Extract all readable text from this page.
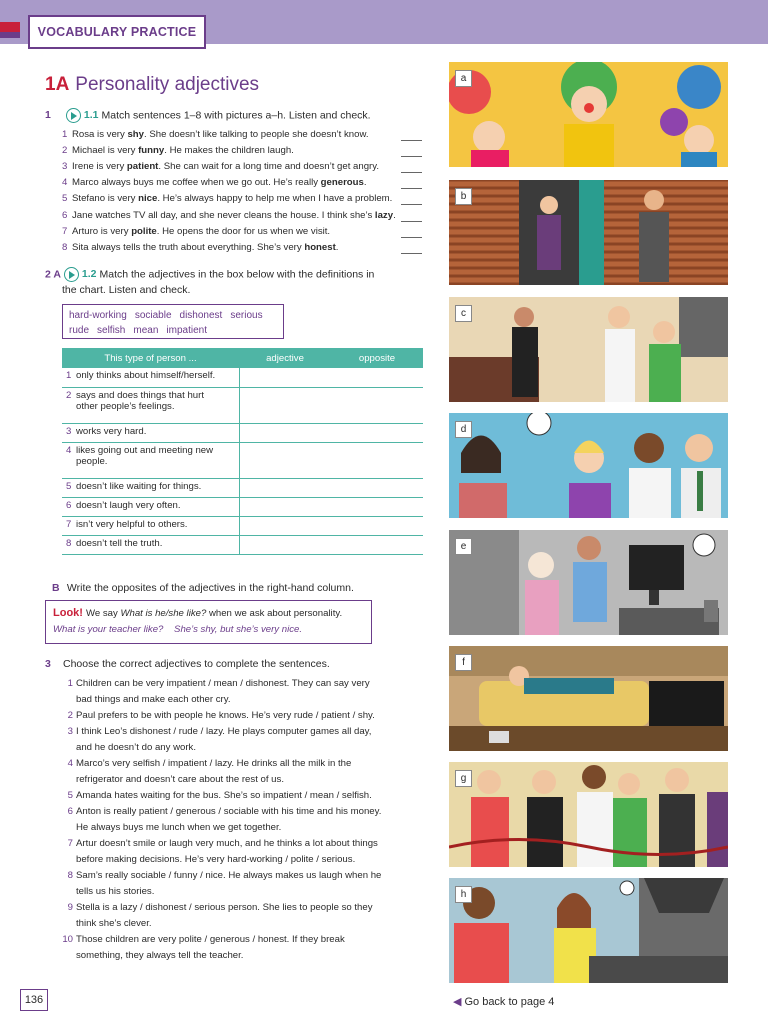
VOCABULARY PRACTICE
1A Personality adjectives
1	1.1 Match sentences 1–8 with pictures a–h. Listen and check.
1 Rosa is very shy. She doesn’t like talking to people she doesn’t know.
2 Michael is very funny. He makes the children laugh.
3 Irene is very patient. She can wait for a long time and doesn’t get angry.
4 Marco always buys me coffee when we go out. He’s really generous.
5 Stefano is very nice. He’s always happy to help me when I have a problem.
6 Jane watches TV all day, and she never cleans the house. I think she’s lazy.
7 Arturo is very polite. He opens the door for us when we visit.
8 Sita always tells the truth about everything. She’s very honest.
2 A 1.2 Match the adjectives in the box below with the definitions in
the chart. Listen and check.
hard-working sociable dishonest serious
rude selfish mean impatient
This type of person ...	adjective	opposite
1 only thinks about himself/herself.		
2 says and does things that hurt other people’s feelings.		
3 works very hard.		
4 likes going out and meeting new people.		
5 doesn’t like waiting for things.		
6 doesn’t laugh very often.		
7 isn’t very helpful to others.		
8 doesn’t tell the truth.		
B Write the opposites of the adjectives in the right-hand column.
Look! We say What is he/she like? when we ask about personality.
What is your teacher like? She’s shy, but she’s very nice.
3 Choose the correct adjectives to complete the sentences.
1 Children can be very impatient / mean / dishonest. They can say very
bad things and make each other cry.
2 Paul prefers to be with people he knows. He’s very rude / patient / shy.
3 I think Leo’s dishonest / rude / lazy. He plays computer games all day,
and he doesn’t do any work.
4 Marco’s very selfish / impatient / lazy. He drinks all the milk in the
refrigerator and doesn’t care about the rest of us.
5 Amanda hates waiting for the bus. She’s so impatient / mean / selfish.
6 Anton is really patient / generous / sociable with his time and his money.
He always buys me lunch when we get together.
7 Artur doesn’t smile or laugh very much, and he thinks a lot about things
before making decisions. He’s very hard-working / polite / serious.
8 Sam’s really sociable / funny / nice. He always makes us laugh when he
tells us his stories.
9 Stella is a lazy / dishonest / serious person. She lies to people so they
think she’s clever.
10 Those children are very polite / generous / honest. If they break
something, they always tell the teacher.
a
b
c
d
e
f
g
h
136	◀ Go back to page 4
